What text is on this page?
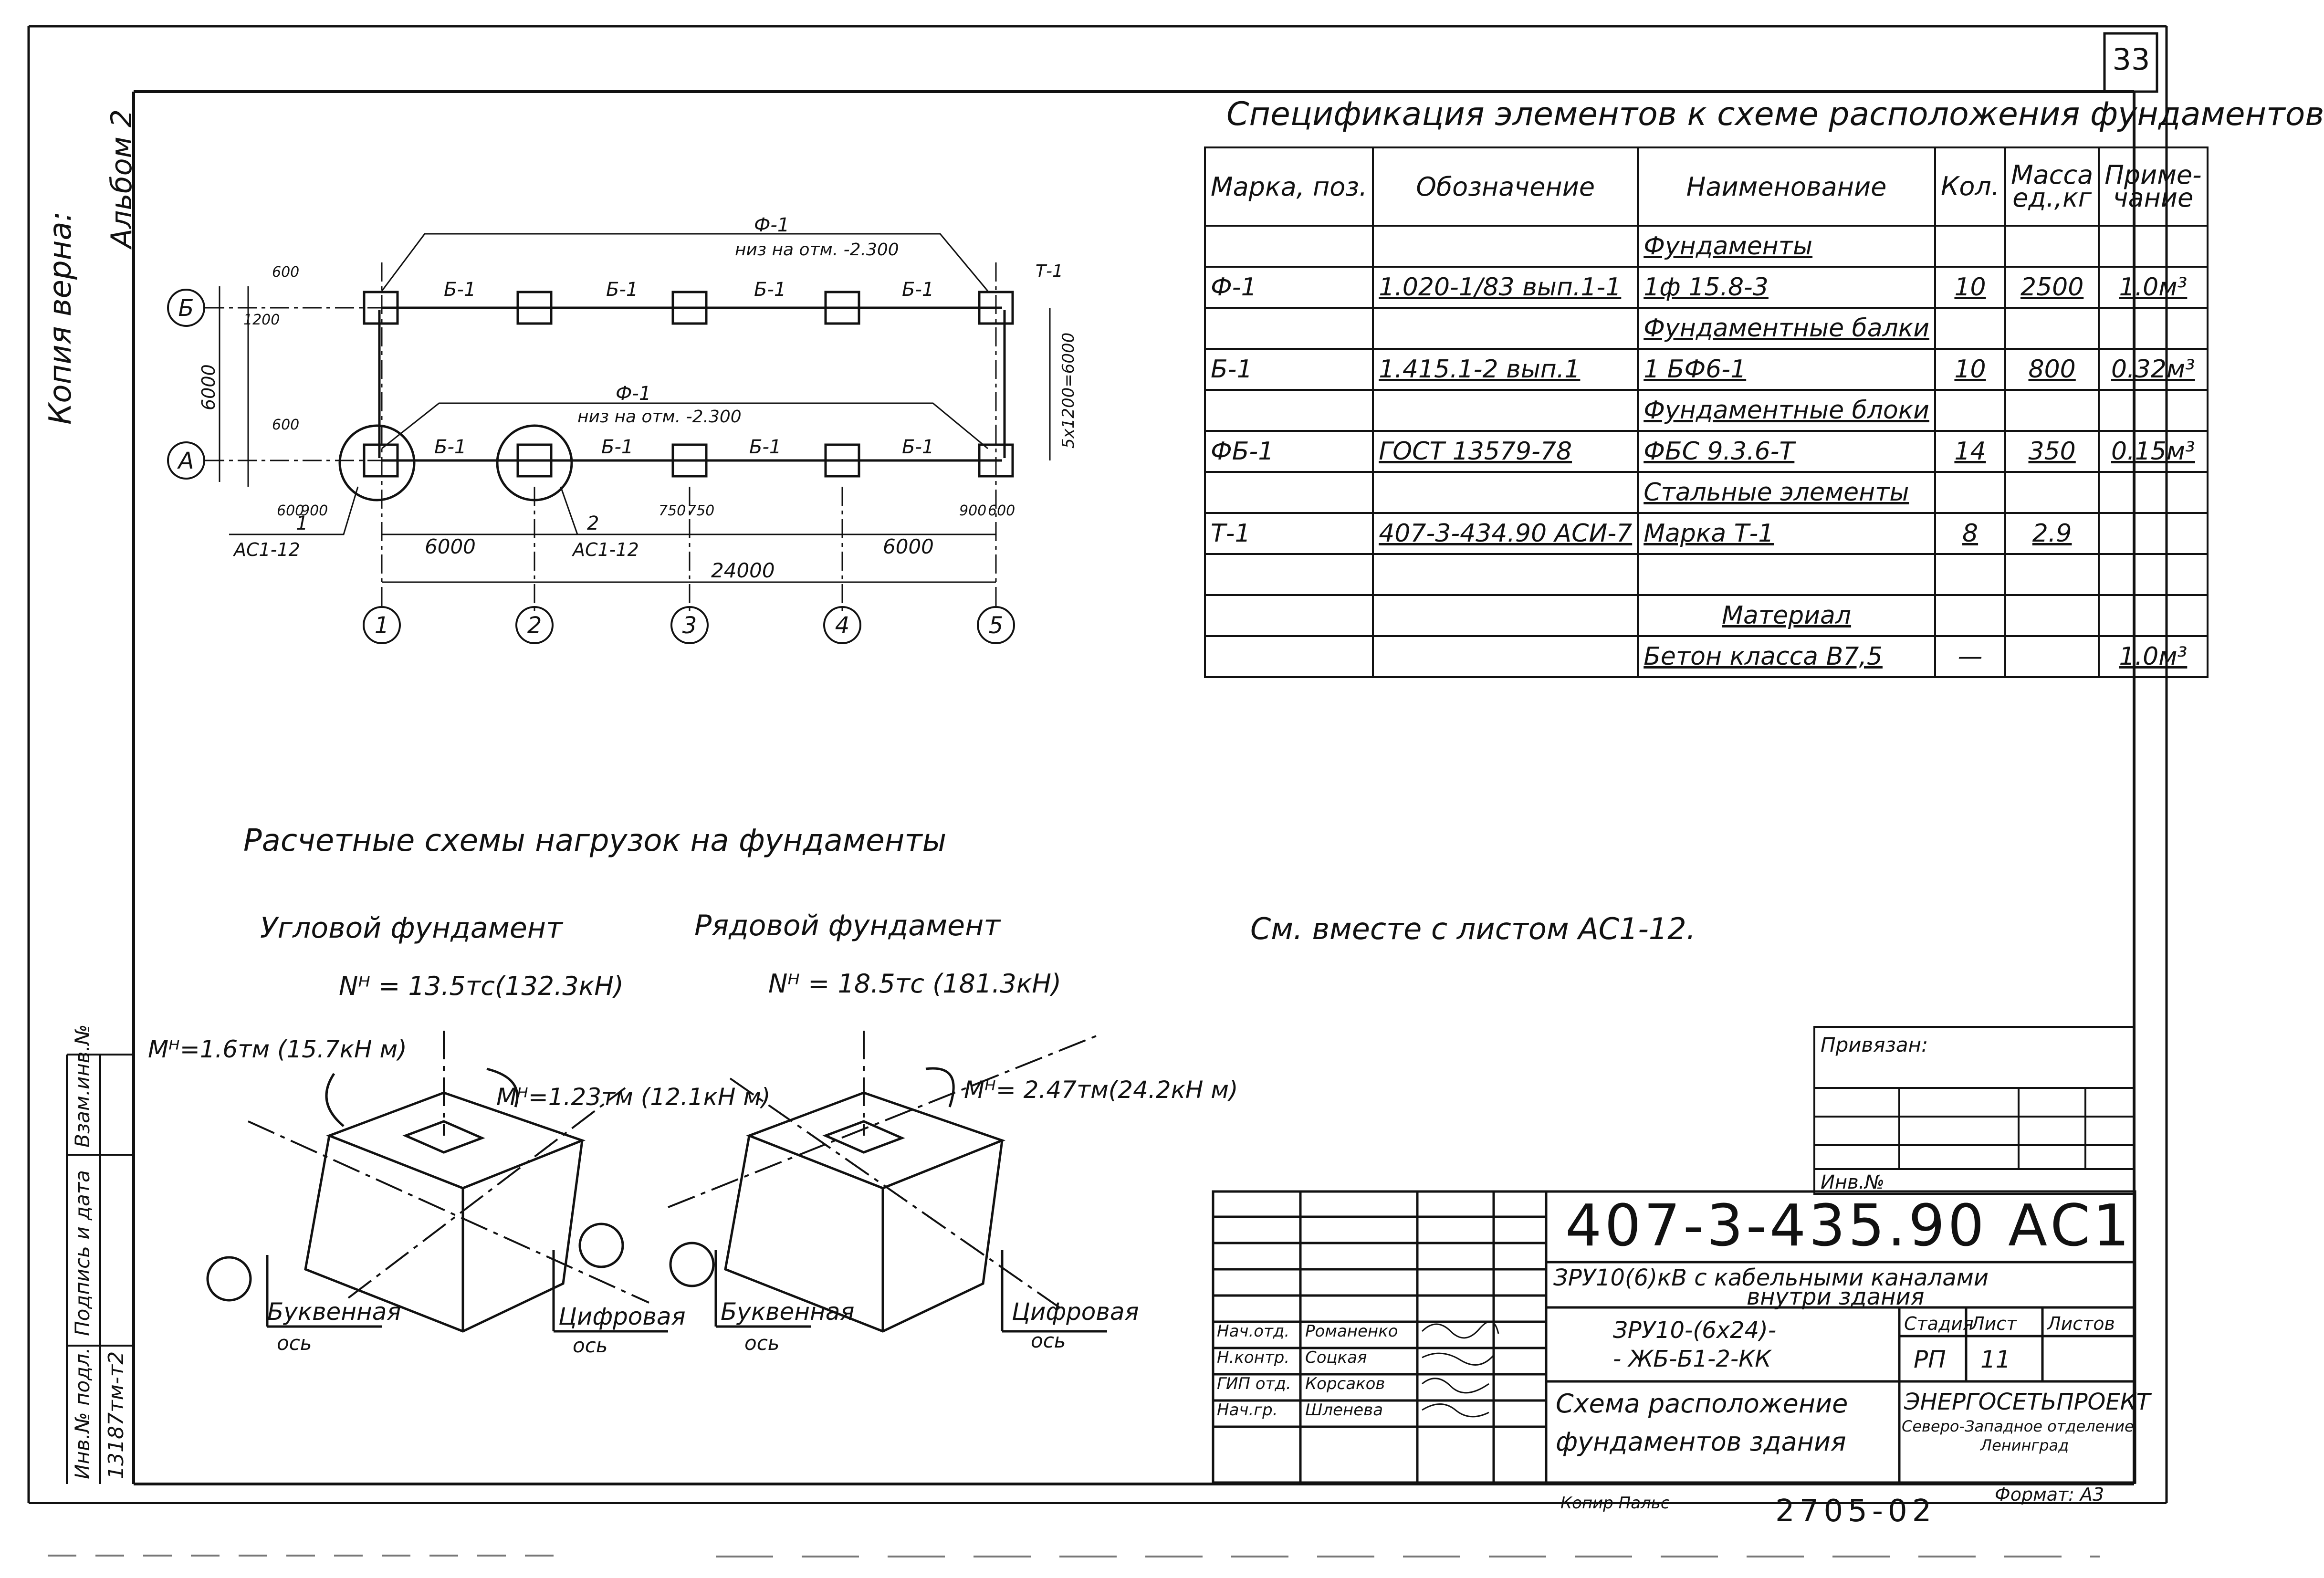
33
Копия верна:
Альбом 2
Инв.№ подл.
Подпись и дата
Взам.инв.№
13187тм-т2
Спецификация элементов к схеме расположения фундаментов
Марка, поз.	Обозначение	Наименование	Кол.	Масса ед.,кг	Приме-чание
		Фундаменты			
Ф-1	1.020-1/83 вып.1-1	1ф 15.8-3	10	2500	1.0м³
		Фундаментные балки			
Б-1	1.415.1-2 вып.1	1 БФ6-1	10	800	0.32м³
		Фундаментные блоки			
ФБ-1	ГОСТ 13579-78	ФБС 9.3.6-Т	14	350	0.15м³
		Стальные элементы			
Т-1	407-3-434.90 АСИ-7	Марка Т-1	8	2.9	

		Материал			
		Бетон класса В7,5	—		1.0м³
Б
А
1	2	3	4	5
Б-1	Б-1	Б-1	Б-1
Б-1	Б-1	Б-1	Б-1
Ф-1
низ на отм. -2.300
Ф-1
низ на отм. -2.300
Т-1
6000	5х1200=6000
600
600
600
900	750 750	900 600
1200
6000	6000
24000
1
АС1-12
2
АС1-12
Расчетные схемы нагрузок на фундаменты
Угловой фундамент	Рядовой фундамент
Nᴴ = 13.5тс(132.3кН)	Nᴴ = 18.5тс (181.3кН)
Mᴴ=1.6тм (15.7кН м)
Mᴴ=1.23тм (12.1кН м)	Mᴴ= 2.47тм(24.2кН м)
Буквенная
ось
Цифровая
ось
Буквенная
ось
Цифровая
ось
См. вместе с листом АС1-12.
Привязан:
Инв.№
407-3-435.90 АС1
ЗРУ10(6)кВ с кабельными каналами
внутри здания
ЗРУ10-(6х24)-
- ЖБ-Б1-2-КК
Стадия
Лист Листов
РП 11
Схема расположение
фундаментов здания
ЭНЕРГОСЕТЬПРОЕКТ
Северо-Западное отделение
Ленинград
Нач.отд. Романенко
Н.контр. Соцкая
ГИП отд. Корсаков
Нач.гр. Шленева
Копир Пальс	2705-02	Формат: А3
